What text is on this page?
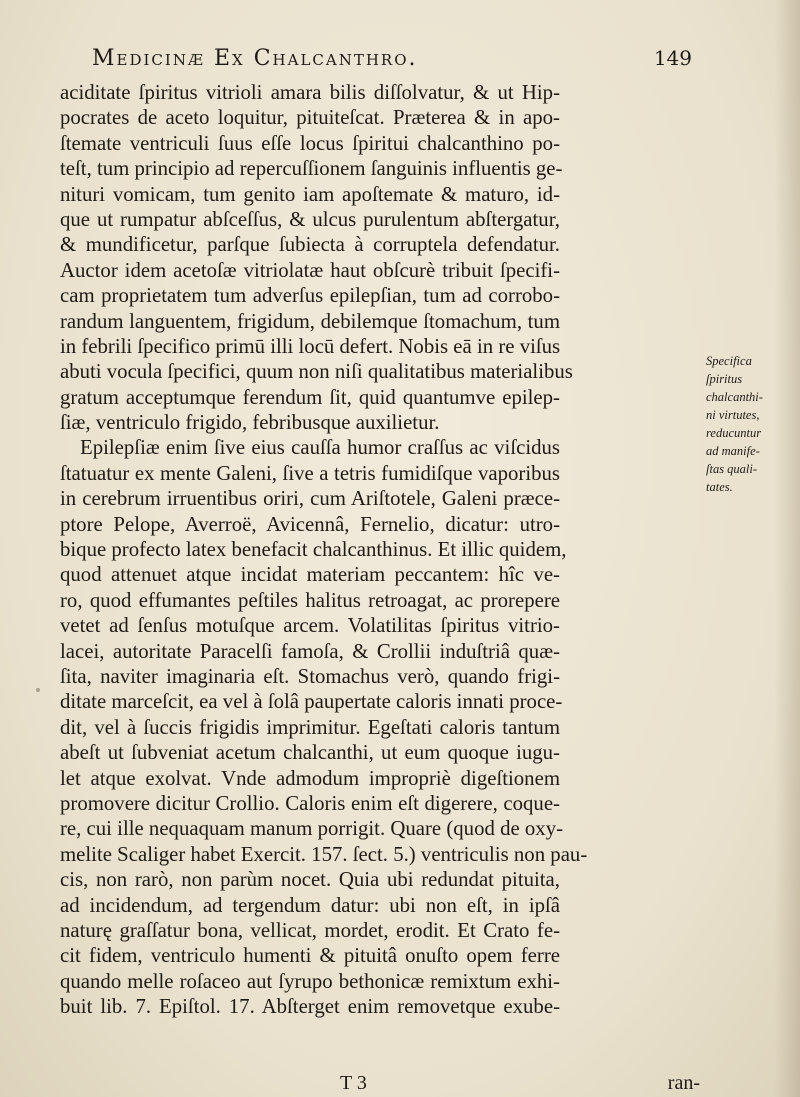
Medicinæ Ex Chalcanthro.	149
aciditate ſpiritus vitrioli amara bilis diſſolvatur, & ut Hip-
pocrates de aceto loquitur, pituiteſcat. Præterea & in apo-
ſtemate ventriculi ſuus eſſe locus ſpiritui chalcanthino po-
teſt, tum principio ad repercuſſionem ſanguinis influentis ge-
nituri vomicam, tum genito iam apoſtemate & maturo, id-
que ut rumpatur abſceſſus, & ulcus purulentum abſtergatur,
& mundificetur, parſque ſubiecta à corruptela defendatur.
Auctor idem acetoſæ vitriolatæ haut obſcurè tribuit ſpecifi-
cam proprietatem tum adverſus epilepſian, tum ad corrobo-
randum languentem, frigidum, debilemque ſtomachum, tum
in febrili ſpecifico primū illi locū defert. Nobis eā in re viſus
abuti vocula ſpecifici, quum non niſi qualitatibus materialibus
gratum acceptumque ferendum ſit, quid quantumve epilep-
ſiæ, ventriculo frigido, febribusque auxilietur.
Epilepſiæ enim ſive eius cauſſa humor craſſus ac viſcidus
ſtatuatur ex mente Galeni, ſive a tetris fumidiſque vaporibus
in cerebrum irruentibus oriri, cum Ariſtotele, Galeni præce-
ptore Pelope, Averroë, Avicennâ, Fernelio, dicatur: utro-
bique profecto latex benefacit chalcanthinus. Et illic quidem,
quod attenuet atque incidat materiam peccantem: hîc ve-
ro, quod effumantes peſtiles halitus retroagat, ac prorepere
vetet ad ſenſus motuſque arcem. Volatilitas ſpiritus vitrio-
lacei, autoritate Paracelſi famoſa, & Crollii induſtriâ quæ-
ſita, naviter imaginaria eſt. Stomachus verò, quando frigi-
ditate marceſcit, ea vel à ſolâ paupertate caloris innati proce-
dit, vel à ſuccis frigidis imprimitur. Egeſtati caloris tantum
abeſt ut ſubveniat acetum chalcanthi, ut eum quoque iugu-
let atque exolvat. Vnde admodum impropriè digeſtionem
promovere dicitur Crollio. Caloris enim eſt digerere, coque-
re, cui ille nequaquam manum porrigit. Quare (quod de oxy-
melite Scaliger habet Exercit. 157. ſect. 5.) ventriculis non pau-
cis, non rarò, non parùm nocet. Quia ubi redundat pituita,
ad incidendum, ad tergendum datur: ubi non eſt, in ipſâ
naturę graſſatur bona, vellicat, mordet, erodit. Et Crato fe-
cit fidem, ventriculo humenti & pituitâ onuſto opem ferre
quando melle roſaceo aut ſyrupo bethonicæ remixtum exhi-
buit lib. 7. Epiſtol. 17. Abſterget enim removetque exube-
Specifica
ſpiritus
chalcanthi-
ni virtutes,
reducuntur
ad manife-
ſtas quali-
tates.
T 3	ran-
